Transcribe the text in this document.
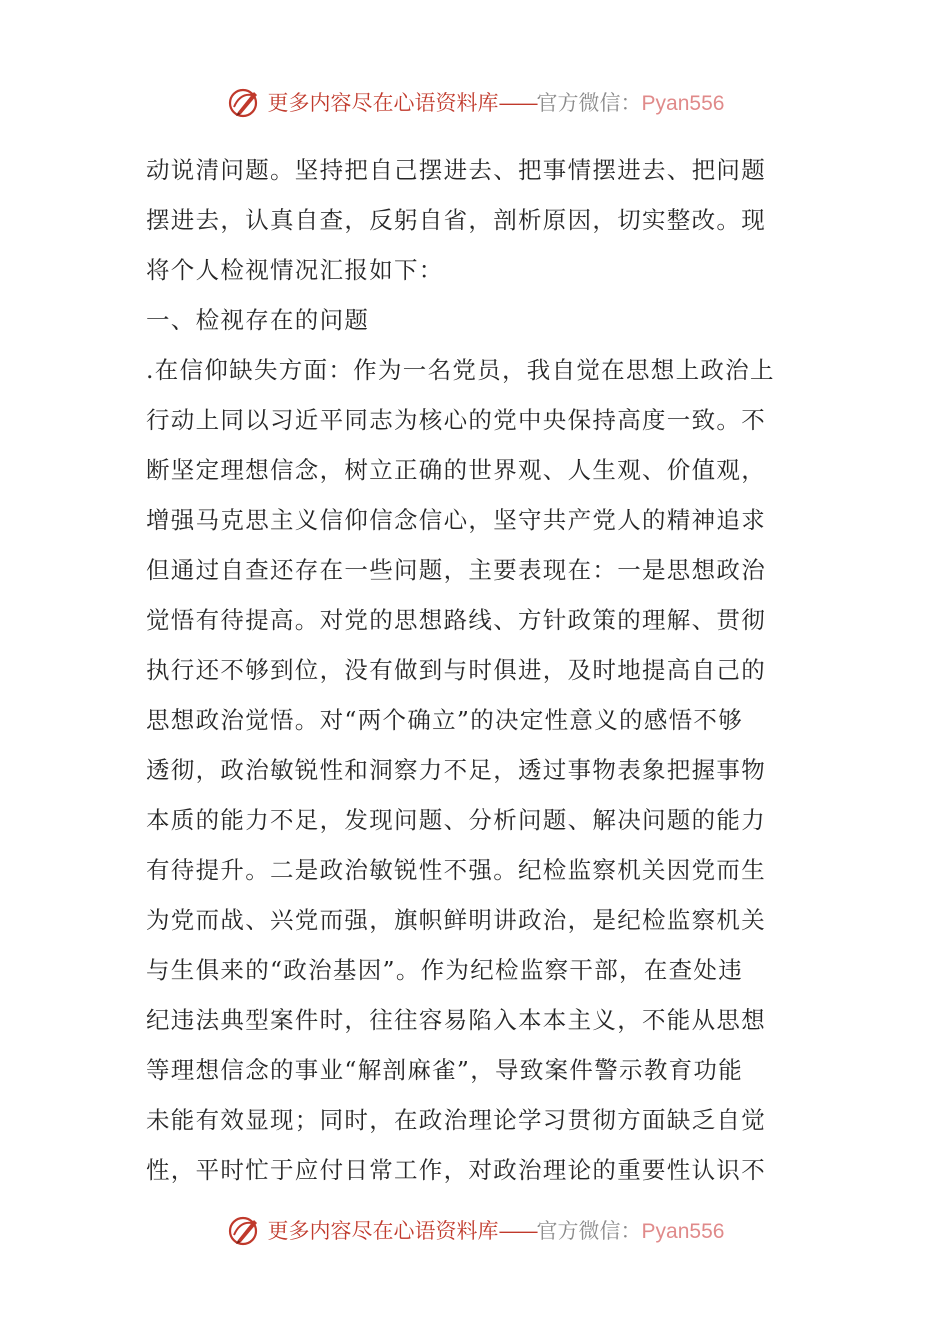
更多内容尽在心语资料库——官方微信：Pyan556
动说清问题。坚持把自己摆进去、把事情摆进去、把问题
摆进去，认真自查，反躬自省，剖析原因，切实整改。现
将个人检视情况汇报如下：
一、检视存在的问题
.在信仰缺失方面：作为一名党员，我自觉在思想上政治上
行动上同以习近平同志为核心的党中央保持高度一致。不
断坚定理想信念，树立正确的世界观、人生观、价值观，
增强马克思主义信仰信念信心，坚守共产党人的精神追求
但通过自查还存在一些问题，主要表现在：一是思想政治
觉悟有待提高。对党的思想路线、方针政策的理解、贯彻
执行还不够到位，没有做到与时俱进，及时地提高自己的
思想政治觉悟。对“两个确立”的决定性意义的感悟不够
透彻，政治敏锐性和洞察力不足，透过事物表象把握事物
本质的能力不足，发现问题、分析问题、解决问题的能力
有待提升。二是政治敏锐性不强。纪检监察机关因党而生
为党而战、兴党而强，旗帜鲜明讲政治，是纪检监察机关
与生俱来的“政治基因”。作为纪检监察干部，在查处违
纪违法典型案件时，往往容易陷入本本主义，不能从思想
等理想信念的事业“解剖麻雀”，导致案件警示教育功能
未能有效显现；同时，在政治理论学习贯彻方面缺乏自觉
性，平时忙于应付日常工作，对政治理论的重要性认识不
更多内容尽在心语资料库——官方微信：Pyan556
